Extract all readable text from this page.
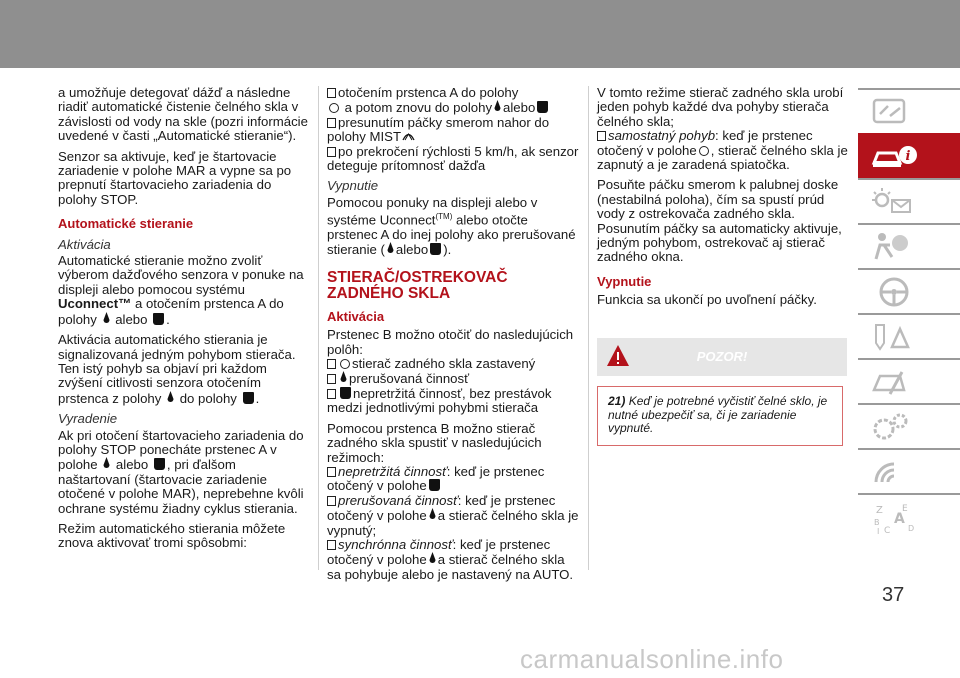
a umožňuje detegovať dážď a následne riadiť automatické čistenie čelného skla v závislosti od vody na skle (pozri informácie uvedené v časti „Automatické stieranie“).

Senzor sa aktivuje, keď je štartovacie zariadenie v polohe MAR a vypne sa po prepnutí štartovacieho zariadenia do polohy STOP.

Automatické stieranie
Aktivácia

Automatické stieranie možno zvoliť výberom dažďového senzora v ponuke na displeji alebo pomocou systému Uconnect™ a otočením prstenca A do polohy  alebo .

Aktivácia automatického stierania je signalizovaná jedným pohybom stierača. Ten istý pohyb sa objaví pri každom zvýšení citlivosti senzora otočením prstenca z polohy  do polohy .

Vyradenie

Ak pri otočení štartovacieho zariadenia do polohy STOP ponecháte prstenec A v polohe  alebo , pri ďalšom naštartovaní (štartovacie zariadenie otočené v polohe MAR), neprebehne kvôli ochrane systému žiadny cyklus stierania.

Režim automatického stierania môžete znova aktivovať tromi spôsobmi:

otočením prstenca A do polohy
a potom znovu do polohy alebo
presunutím páčky smerom nahor do polohy MIST
po prekročení rýchlosti 5 km/h, ak senzor deteguje prítomnosť dažďa
Vypnutie

Pomocou ponuky na displeji alebo v systéme Uconnect$^{(TM)}$ alebo otočte prstenec A do inej polohy ako prerušované stieranie ( alebo ).

STIERAČ/OSTREKOVAČ
ZADNÉHO SKLA
Aktivácia
Prstenec B možno otočiť do nasledujúcich polôh:
stierač zadného skla zastavený
prerušovaná činnosť
nepretržitá činnosť, bez prestávok medzi jednotlivými pohybmi stierača
Pomocou prstenca B možno stierač zadného skla spustiť v nasledujúcich režimoch:
nepretržitá činnosť: keď je prstenec otočený v polohe
prerušovaná činnosť: keď je prstenec otočený v polohe a stierač čelného skla je vypnutý;
synchrónna činnosť: keď je prstenec otočený v polohe a stierač čelného skla sa pohybuje alebo je nastavený na AUTO.
V tomto režime stierač zadného skla urobí jeden pohyb každé dva pohyby stierača čelného skla;
samostatný pohyb: keď je prstenec otočený v polohe , stierač čelného skla je zapnutý a je zaradená spiatočka.

Posuňte páčku smerom k palubnej doske (nestabilná poloha), čím sa spustí prúd vody z ostrekovača zadného skla. Posunutím páčky sa automaticky aktivuje, jedným pohybom, ostrekovač aj stierač zadného okna.

Vypnutie

Funkcia sa ukončí po uvoľnení páčky.

POZOR!
21) Keď je potrebné vyčistiť čelné sklo, je nutné ubezpečiť sa, či je zariadenie vypnuté.
i
Z E
A
B
C D
I
37
carmanualsonline.info
